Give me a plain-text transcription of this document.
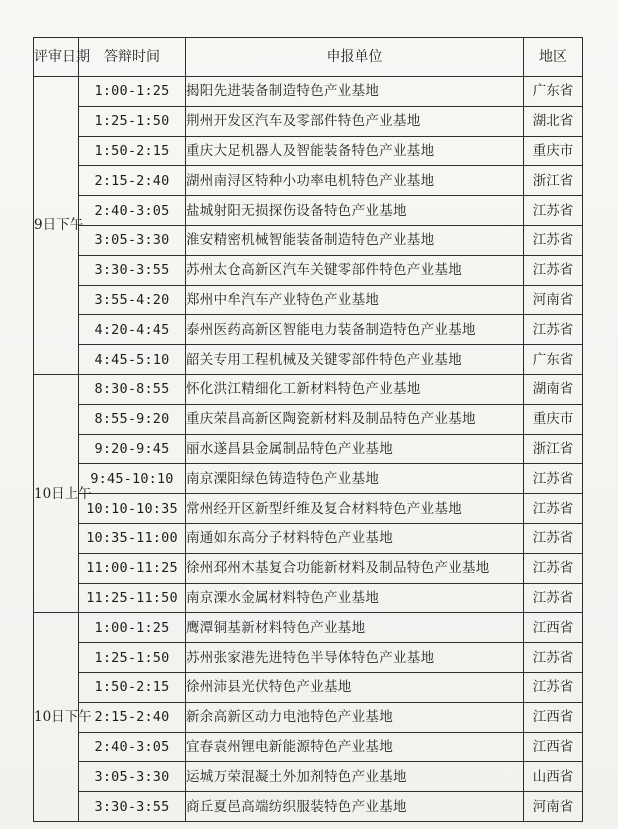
评审日期	答辩时间	申报单位	地区
9日下午	1:00-1:25	揭阳先进装备制造特色产业基地	广东省
	1:25-1:50	荆州开发区汽车及零部件特色产业基地	湖北省
	1:50-2:15	重庆大足机器人及智能装备特色产业基地	重庆市
	2:15-2:40	湖州南浔区特种小功率电机特色产业基地	浙江省
	2:40-3:05	盐城射阳无损探伤设备特色产业基地	江苏省
	3:05-3:30	淮安精密机械智能装备制造特色产业基地	江苏省
	3:30-3:55	苏州太仓高新区汽车关键零部件特色产业基地	江苏省
	3:55-4:20	郑州中牟汽车产业特色产业基地	河南省
	4:20-4:45	泰州医药高新区智能电力装备制造特色产业基地	江苏省
	4:45-5:10	韶关专用工程机械及关键零部件特色产业基地	广东省
10日上午	8:30-8:55	怀化洪江精细化工新材料特色产业基地	湖南省
	8:55-9:20	重庆荣昌高新区陶瓷新材料及制品特色产业基地	重庆市
	9:20-9:45	丽水遂昌县金属制品特色产业基地	浙江省
	9:45-10:10	南京溧阳绿色铸造特色产业基地	江苏省
	10:10-10:35	常州经开区新型纤维及复合材料特色产业基地	江苏省
	10:35-11:00	南通如东高分子材料特色产业基地	江苏省
	11:00-11:25	徐州邳州木基复合功能新材料及制品特色产业基地	江苏省
	11:25-11:50	南京溧水金属材料特色产业基地	江苏省
10日下午	1:00-1:25	鹰潭铜基新材料特色产业基地	江西省
	1:25-1:50	苏州张家港先进特色半导体特色产业基地	江苏省
	1:50-2:15	徐州沛县光伏特色产业基地	江苏省
	2:15-2:40	新余高新区动力电池特色产业基地	江西省
	2:40-3:05	宜春袁州锂电新能源特色产业基地	江西省
	3:05-3:30	运城万荣混凝土外加剂特色产业基地	山西省
	3:30-3:55	商丘夏邑高端纺织服装特色产业基地	河南省
